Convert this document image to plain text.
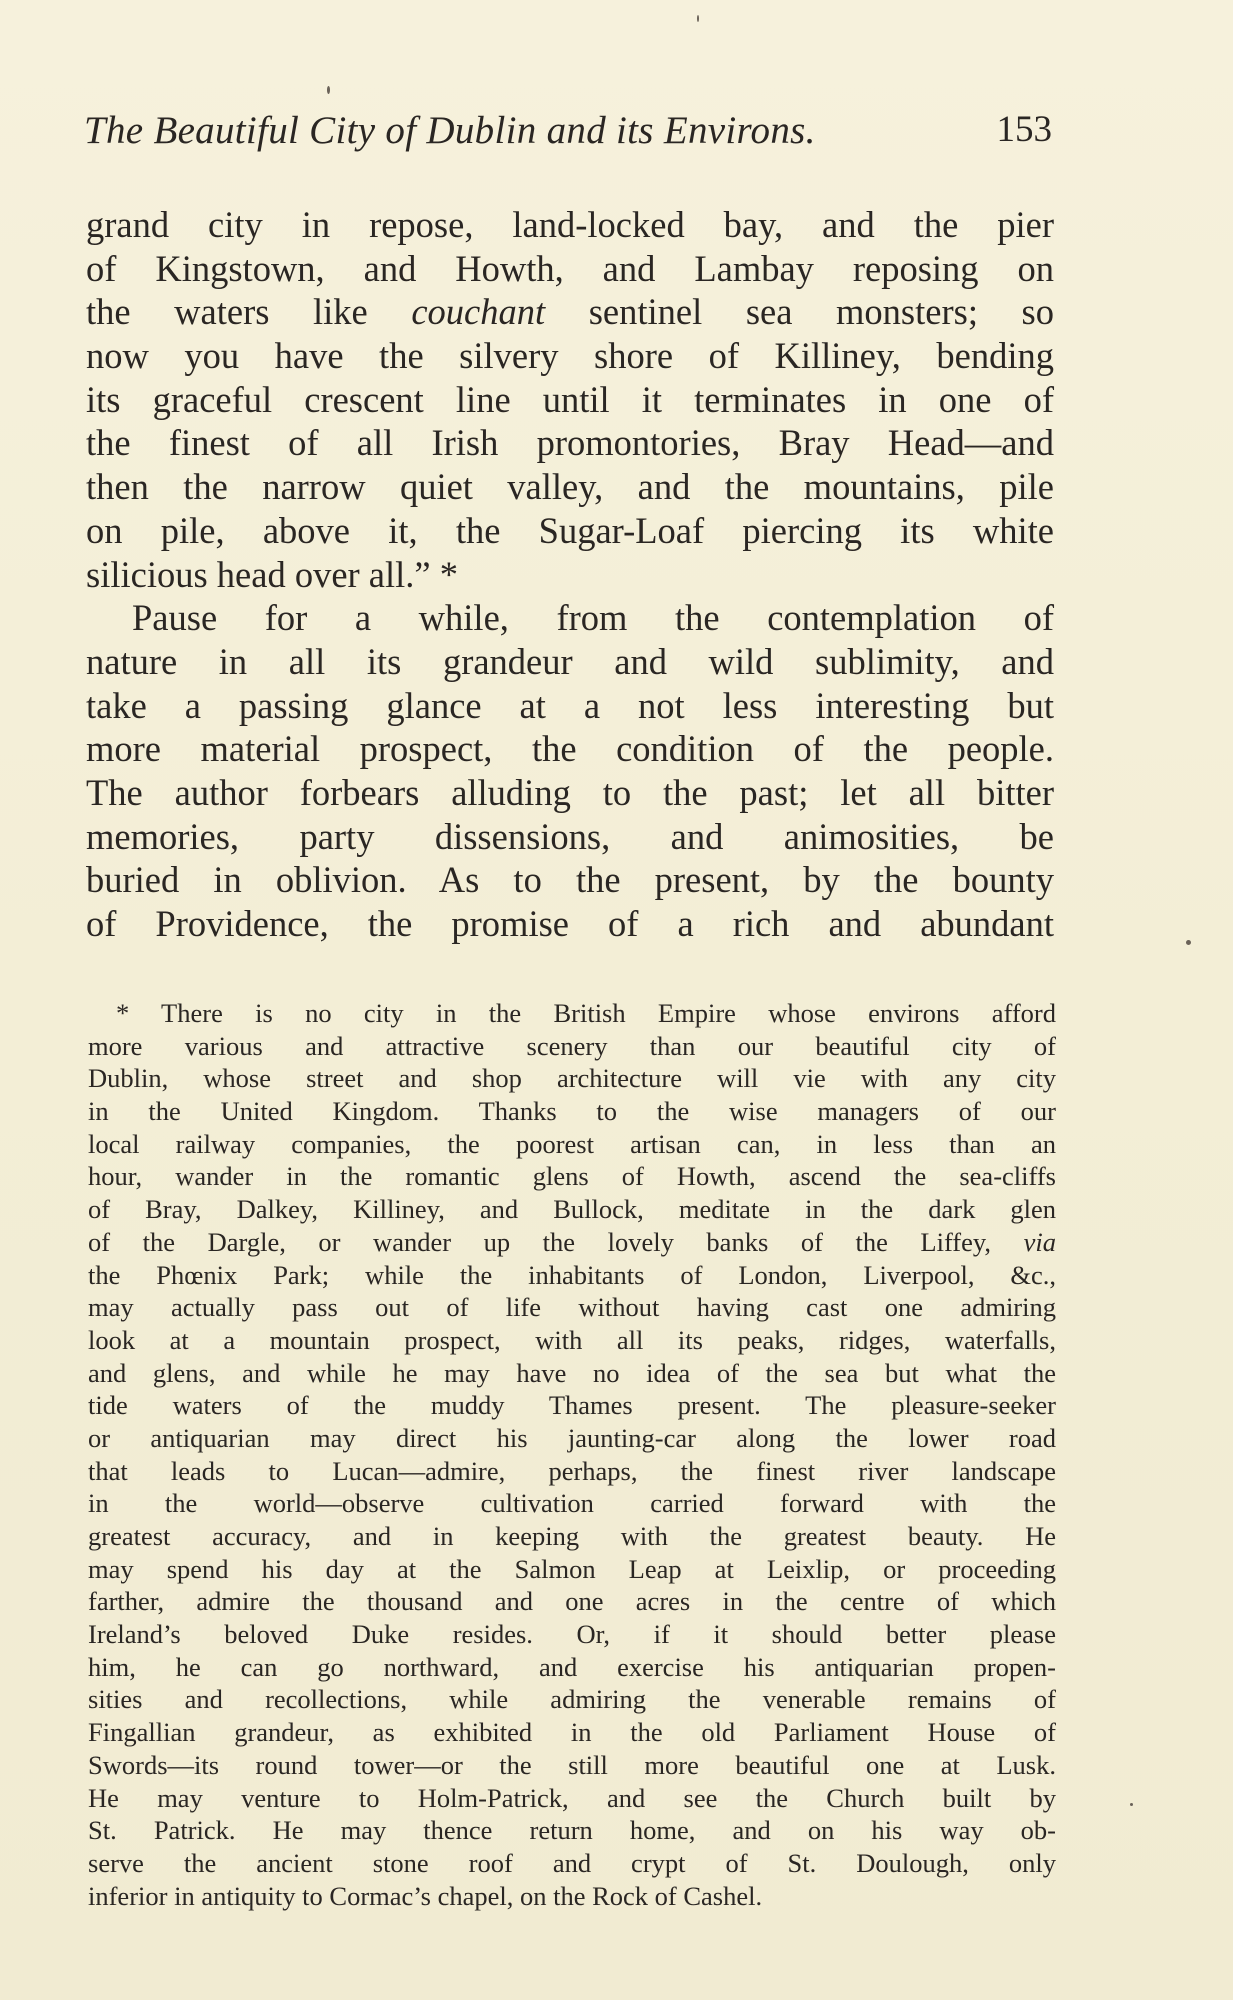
The Beautiful City of Dublin and its Environs.	153
grand city in repose, land-locked bay, and the pier
of Kingstown, and Howth, and Lambay reposing on
the waters like couchant sentinel sea monsters; so
now you have the silvery shore of Killiney, bending
its graceful crescent line until it terminates in one of
the finest of all Irish promontories, Bray Head—and
then the narrow quiet valley, and the mountains, pile
on pile, above it, the Sugar-Loaf piercing its white
silicious head over all.” *
Pause for a while, from the contemplation of
nature in all its grandeur and wild sublimity, and
take a passing glance at a not less interesting but
more material prospect, the condition of the people.
The author forbears alluding to the past; let all bitter
memories, party dissensions, and animosities, be
buried in oblivion. As to the present, by the bounty
of Providence, the promise of a rich and abundant
* There is no city in the British Empire whose environs afford
more various and attractive scenery than our beautiful city of
Dublin, whose street and shop architecture will vie with any city
in the United Kingdom. Thanks to the wise managers of our
local railway companies, the poorest artisan can, in less than an
hour, wander in the romantic glens of Howth, ascend the sea-cliffs
of Bray, Dalkey, Killiney, and Bullock, meditate in the dark glen
of the Dargle, or wander up the lovely banks of the Liffey, via
the Phœnix Park; while the inhabitants of London, Liverpool, &c.,
may actually pass out of life without having cast one admiring
look at a mountain prospect, with all its peaks, ridges, waterfalls,
and glens, and while he may have no idea of the sea but what the
tide waters of the muddy Thames present. The pleasure-seeker
or antiquarian may direct his jaunting-car along the lower road
that leads to Lucan—admire, perhaps, the finest river landscape
in the world—observe cultivation carried forward with the
greatest accuracy, and in keeping with the greatest beauty. He
may spend his day at the Salmon Leap at Leixlip, or proceeding
farther, admire the thousand and one acres in the centre of which
Ireland’s beloved Duke resides. Or, if it should better please
him, he can go northward, and exercise his antiquarian propen-
sities and recollections, while admiring the venerable remains of
Fingallian grandeur, as exhibited in the old Parliament House of
Swords—its round tower—or the still more beautiful one at Lusk.
He may venture to Holm-Patrick, and see the Church built by
St. Patrick. He may thence return home, and on his way ob-
serve the ancient stone roof and crypt of St. Doulough, only
inferior in antiquity to Cormac’s chapel, on the Rock of Cashel.
